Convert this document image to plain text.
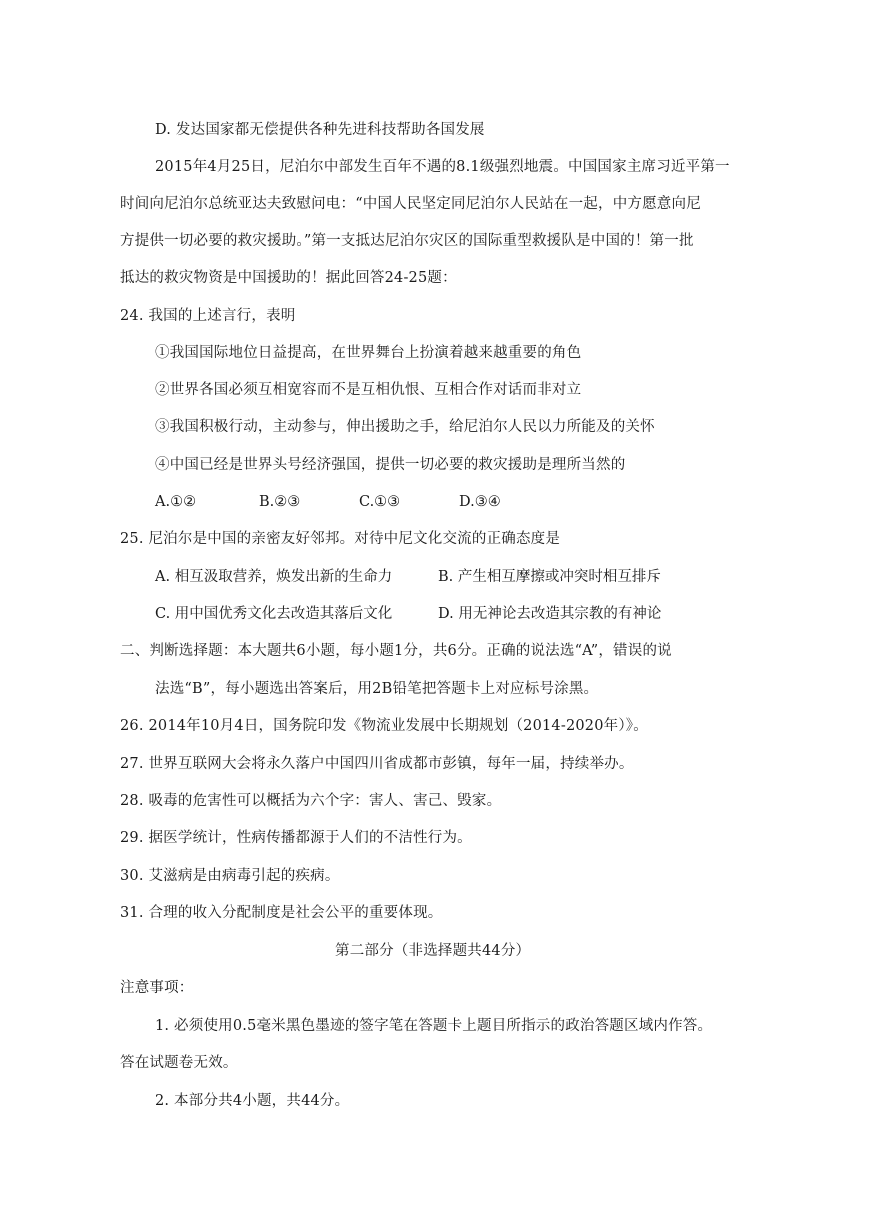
D. 发达国家都无偿提供各种先进科技帮助各国发展
2015年4月25日，尼泊尔中部发生百年不遇的8.1级强烈地震。中国国家主席习近平第一
时间向尼泊尔总统亚达夫致慰问电：“中国人民坚定同尼泊尔人民站在一起，中方愿意向尼
方提供一切必要的救灾援助。”第一支抵达尼泊尔灾区的国际重型救援队是中国的！第一批
抵达的救灾物资是中国援助的！据此回答24-25题：
24. 我国的上述言行，表明
①我国国际地位日益提高，在世界舞台上扮演着越来越重要的角色
②世界各国必须互相宽容而不是互相仇恨、互相合作对话而非对立
③我国积极行动，主动参与，伸出援助之手，给尼泊尔人民以力所能及的关怀
④中国已经是世界头号经济强国，提供一切必要的救灾援助是理所当然的
A.①②	B.②③	C.①③	D.③④
25. 尼泊尔是中国的亲密友好邻邦。对待中尼文化交流的正确态度是
A. 相互汲取营养，焕发出新的生命力	B. 产生相互摩擦或冲突时相互排斥
C. 用中国优秀文化去改造其落后文化	D. 用无神论去改造其宗教的有神论
二、判断选择题：本大题共6小题，每小题1分，共6分。正确的说法选“A”，错误的说
法选“B”，每小题选出答案后，用2B铅笔把答题卡上对应标号涂黑。
26. 2014年10月4日，国务院印发《物流业发展中长期规划（2014-2020年）》。
27. 世界互联网大会将永久落户中国四川省成都市彭镇，每年一届，持续举办。
28. 吸毒的危害性可以概括为六个字：害人、害己、毁家。
29. 据医学统计，性病传播都源于人们的不洁性行为。
30. 艾滋病是由病毒引起的疾病。
31. 合理的收入分配制度是社会公平的重要体现。
第二部分（非选择题共44分）
注意事项：
1. 必须使用0.5毫米黑色墨迹的签字笔在答题卡上题目所指示的政治答题区域内作答。
答在试题卷无效。
2. 本部分共4小题，共44分。
